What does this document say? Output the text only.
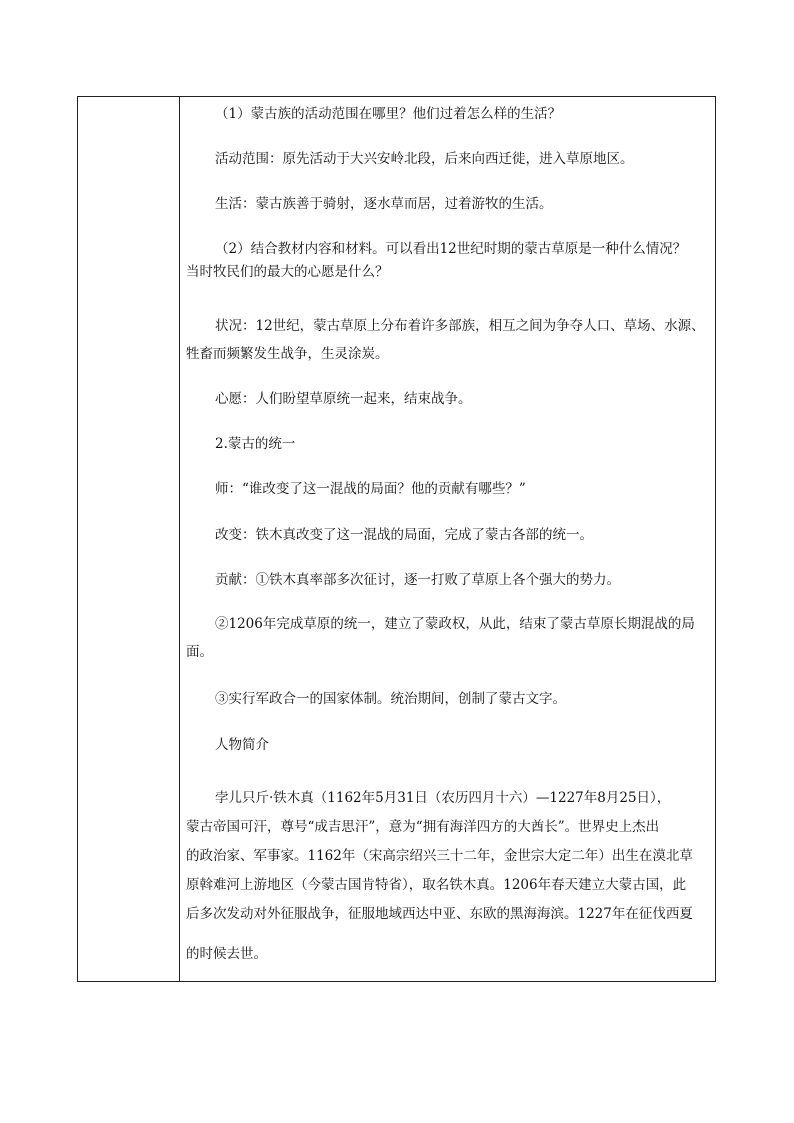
（1）蒙古族的活动范围在哪里？他们过着怎么样的生活？
活动范围：原先活动于大兴安岭北段，后来向西迁徙，进入草原地区。
生活：蒙古族善于骑射，逐水草而居，过着游牧的生活。
（2）结合教材内容和材料。可以看出12世纪时期的蒙古草原是一种什么情况？
当时牧民们的最大的心愿是什么？
状况：12世纪，蒙古草原上分布着许多部族，相互之间为争夺人口、草场、水源、
牲畜而频繁发生战争，生灵涂炭。
心愿：人们盼望草原统一起来，结束战争。
2.蒙古的统一
师：“谁改变了这一混战的局面？他的贡献有哪些？”
改变：铁木真改变了这一混战的局面，完成了蒙古各部的统一。
贡献：①铁木真率部多次征讨，逐一打败了草原上各个强大的势力。
②1206年完成草原的统一，建立了蒙政权，从此，结束了蒙古草原长期混战的局
面。
③实行军政合一的国家体制。统治期间，创制了蒙古文字。
人物简介
孛儿只斤·铁木真（1162年5月31日（农历四月十六）—1227年8月25日），
蒙古帝国可汗，尊号“成吉思汗”，意为“拥有海洋四方的大酋长”。世界史上杰出
的政治家、军事家。1162年（宋高宗绍兴三十二年，金世宗大定二年）出生在漠北草
原斡难河上游地区（今蒙古国肯特省），取名铁木真。1206年春天建立大蒙古国，此
后多次发动对外征服战争，征服地域西达中亚、东欧的黑海海滨。1227年在征伐西夏
的时候去世。
